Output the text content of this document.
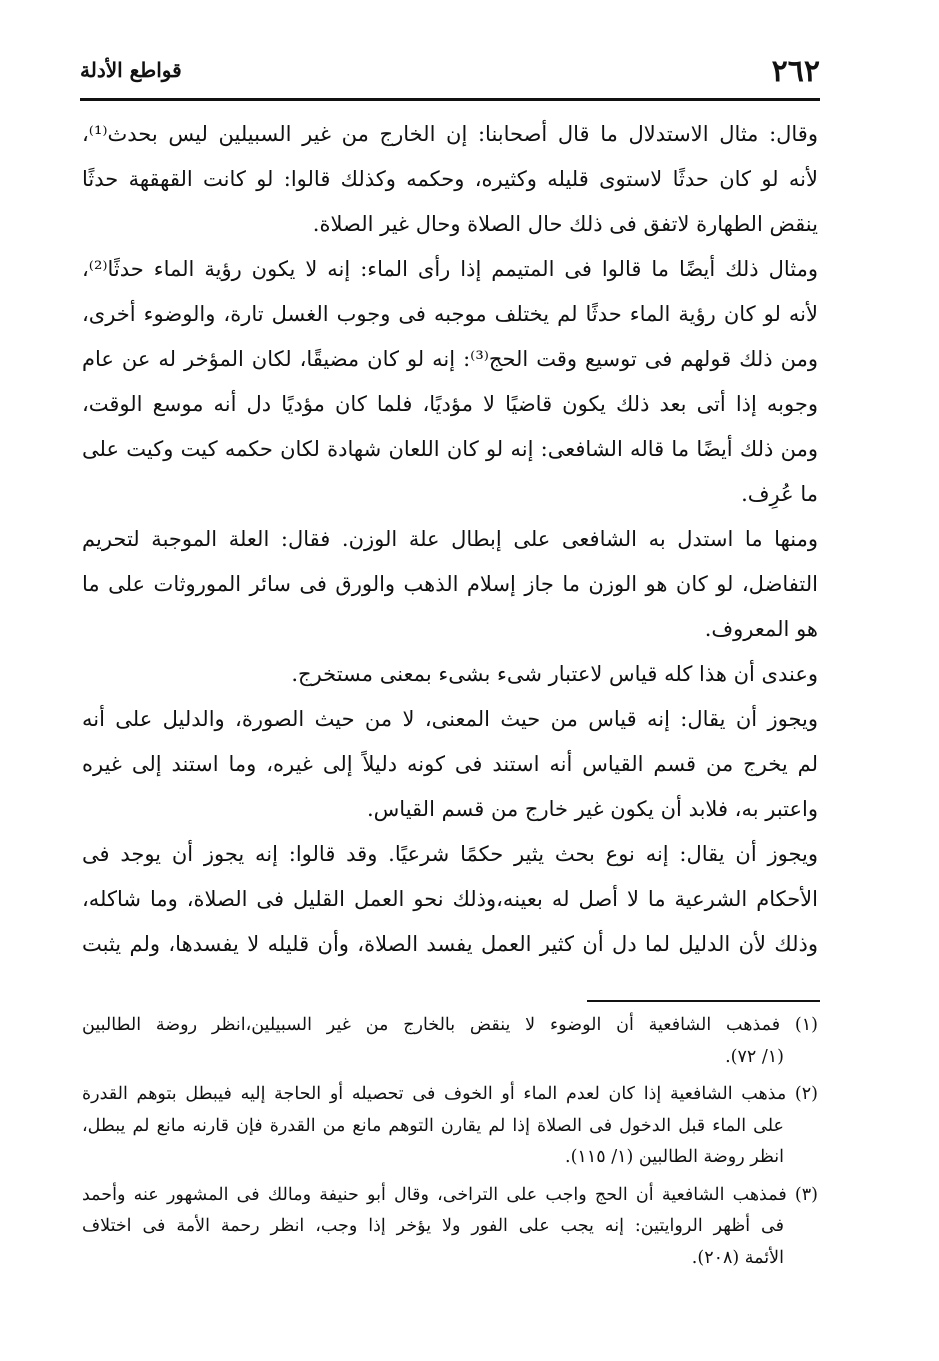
٢٦٢
قواطع الأدلة
وقال: مثال الاستدلال ما قال أصحابنا: إن الخارج من غير السبيلين ليس بحدث⁽¹⁾،
لأنه لو كان حدثًا لاستوى قليله وكثيره، وحكمه وكذلك قالوا: لو كانت القهقهة حدثًا
ينقض الطهارة لاتفق فى ذلك حال الصلاة وحال غير الصلاة.
ومثال ذلك أيضًا ما قالوا فى المتيمم إذا رأى الماء: إنه لا يكون رؤية الماء حدثًا⁽²⁾،
لأنه لو كان رؤية الماء حدثًا لم يختلف موجبه فى وجوب الغسل تارة، والوضوء أخرى،
ومن ذلك قولهم فى توسيع وقت الحج⁽³⁾: إنه لو كان مضيقًا، لكان المؤخر له عن عام
وجوبه إذا أتى بعد ذلك يكون قاضيًا لا مؤديًا، فلما كان مؤديًا دل أنه موسع الوقت،
ومن ذلك أيضًا ما قاله الشافعى: إنه لو كان اللعان شهادة لكان حكمه كيت وكيت على
ما عُرِف.
ومنها ما استدل به الشافعى على إبطال علة الوزن. فقال: العلة الموجبة لتحريم
التفاضل، لو كان هو الوزن ما جاز إسلام الذهب والورق فى سائر الموروثات على ما
هو المعروف.
وعندى أن هذا كله قياس لاعتبار شىء بشىء بمعنى مستخرج.
ويجوز أن يقال: إنه قياس من حيث المعنى، لا من حيث الصورة، والدليل على أنه
لم يخرج من قسم القياس أنه استند فى كونه دليلاً إلى غيره، وما استند إلى غيره
واعتبر به، فلابد أن يكون غير خارج من قسم القياس.
ويجوز أن يقال: إنه نوع بحث يثير حكمًا شرعيًا. وقد قالوا: إنه يجوز أن يوجد فى
الأحكام الشرعية ما لا أصل له بعينه،وذلك نحو العمل القليل فى الصلاة، وما شاكله،
وذلك لأن الدليل لما دل أن كثير العمل يفسد الصلاة، وأن قليله لا يفسدها، ولم يثبت
(١) فمذهب الشافعية أن الوضوء لا ينقض بالخارج من غير السبيلين،انظر روضة الطالبين
(١/ ٧٢).
(٢) مذهب الشافعية إذا كان لعدم الماء أو الخوف فى تحصيله أو الحاجة إليه فيبطل بتوهم القدرة
على الماء قبل الدخول فى الصلاة إذا لم يقارن التوهم مانع من القدرة فإن قارنه مانع لم يبطل،
انظر روضة الطالبين (١/ ١١٥).
(٣) فمذهب الشافعية أن الحج واجب على التراخى، وقال أبو حنيفة ومالك فى المشهور عنه وأحمد
فى أظهر الروايتين: إنه يجب على الفور ولا يؤخر إذا وجب، انظر رحمة الأمة فى اختلاف
الأئمة (٢٠٨).
